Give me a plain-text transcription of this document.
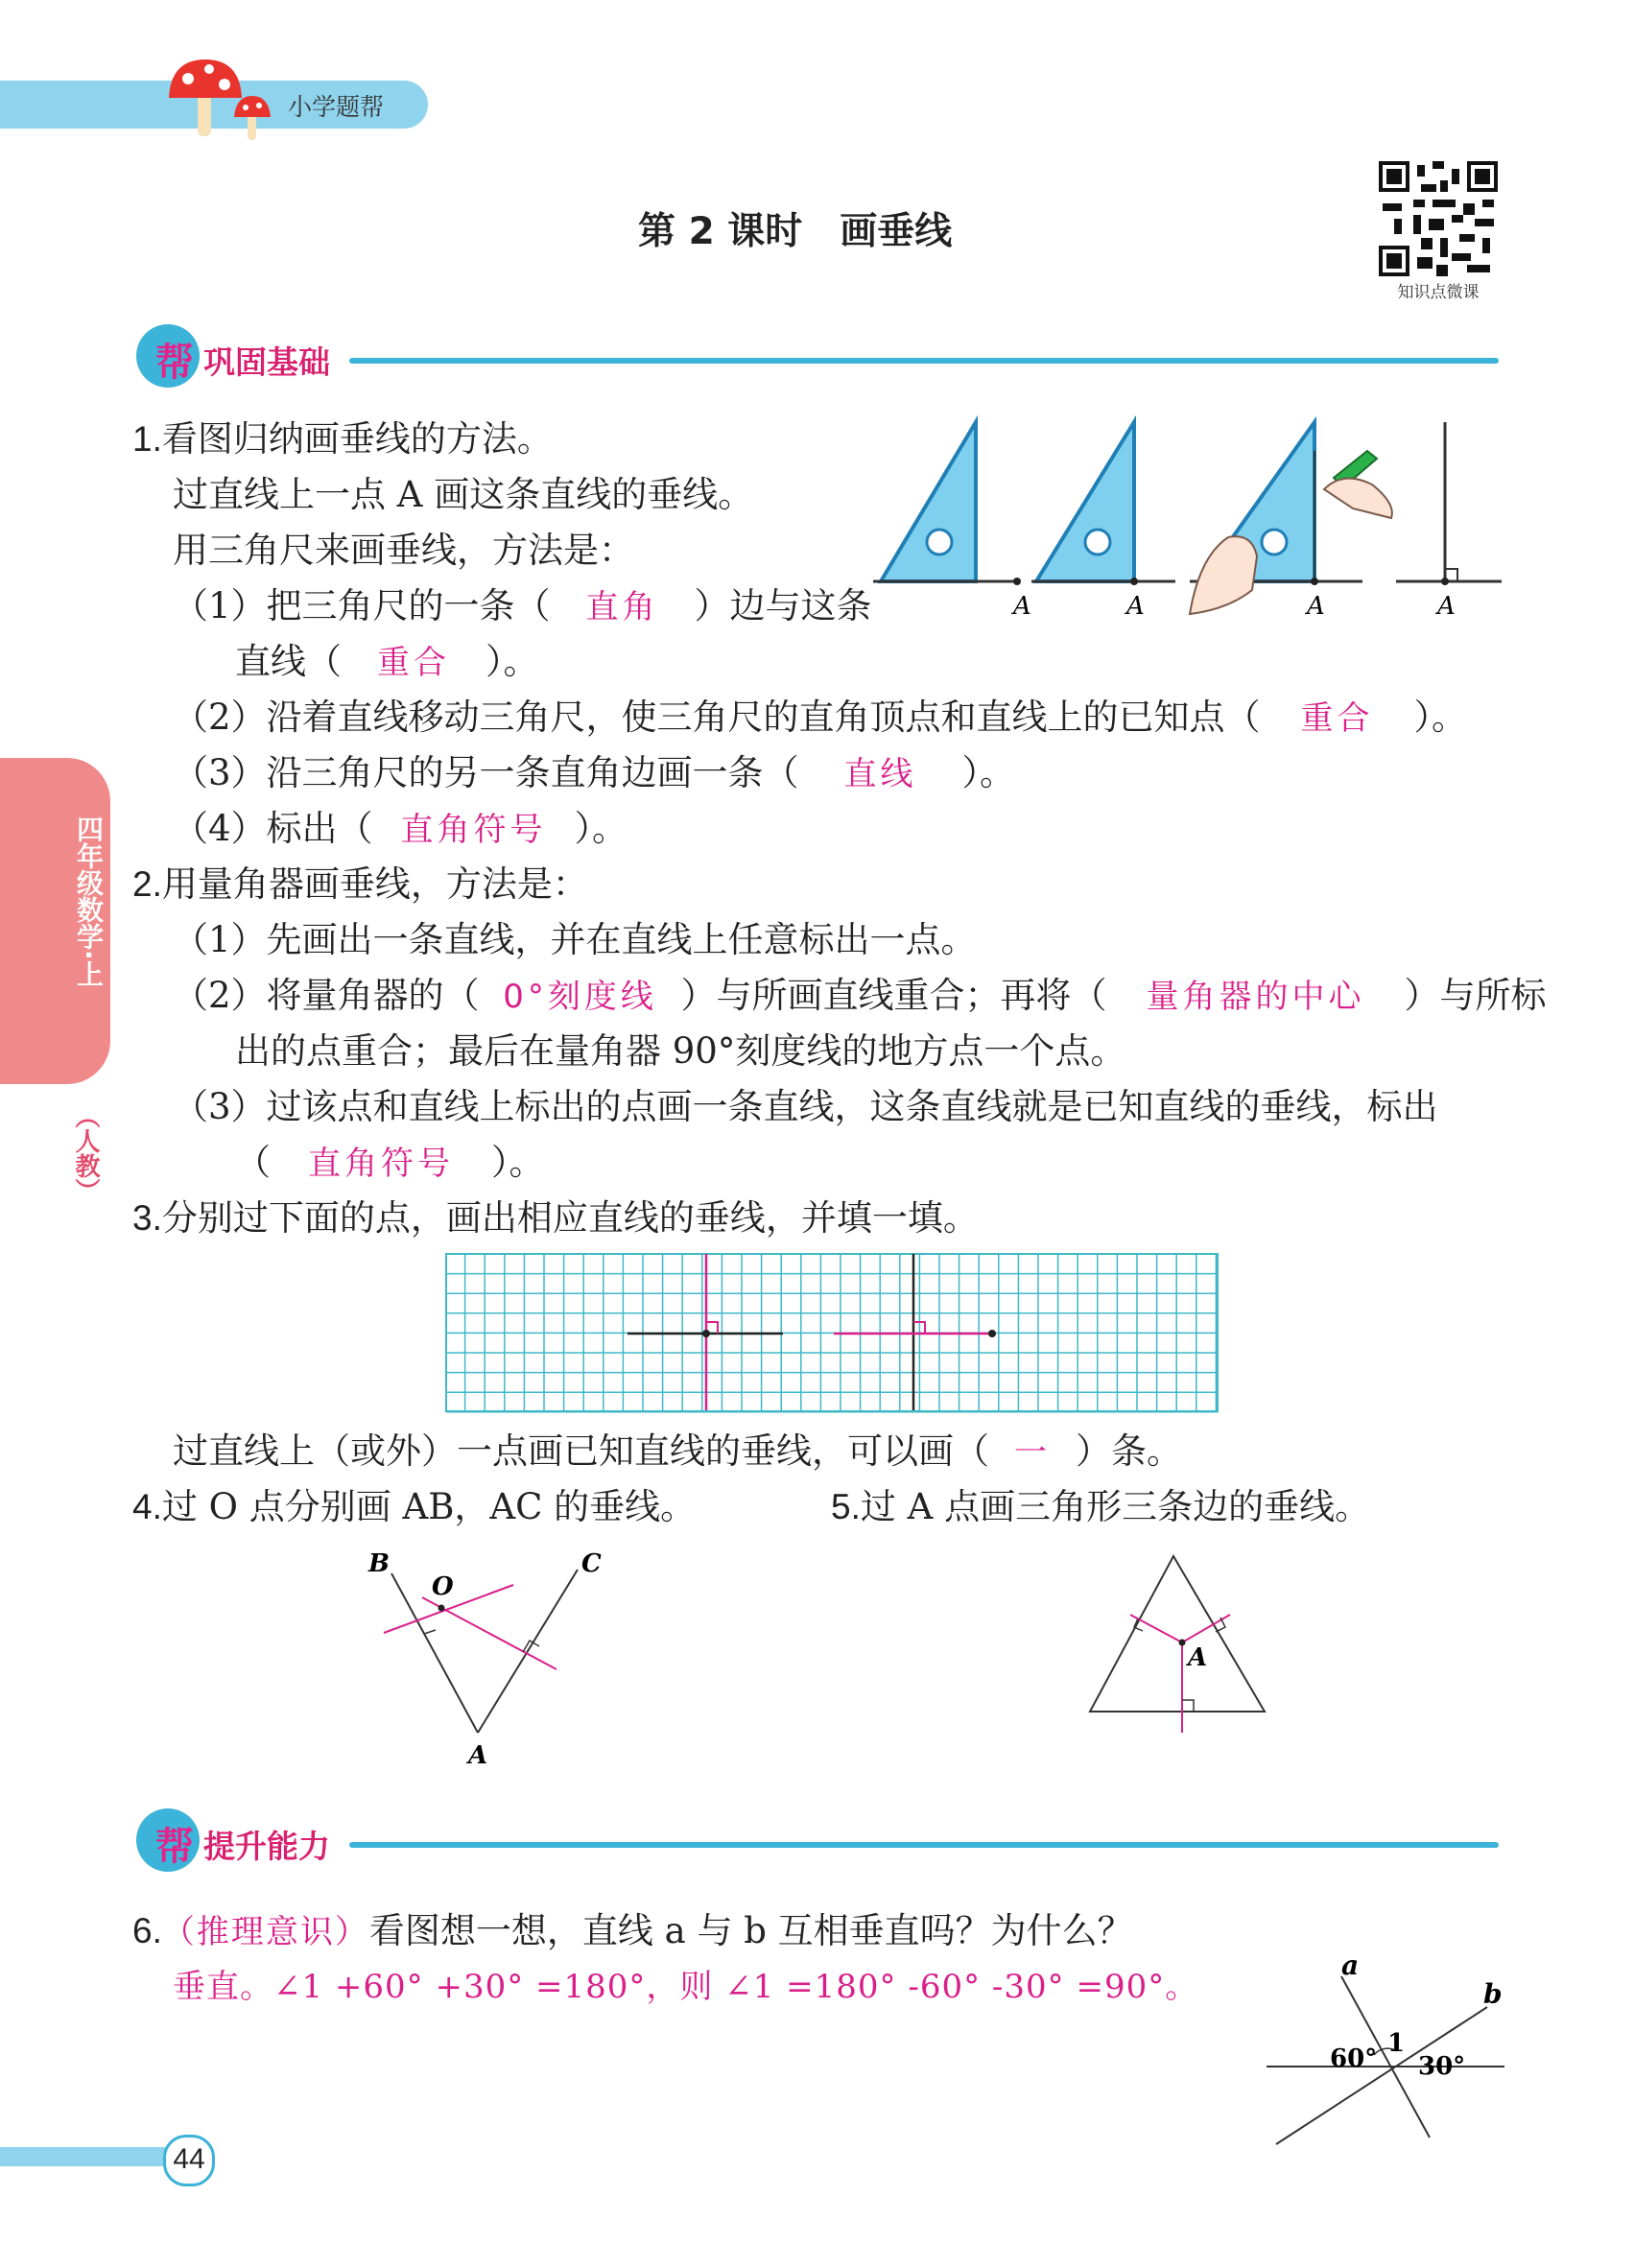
小学题帮
第 2 课时　画垂线
知识点微课
四年级数学·上
（人教）
帮 巩固基础
1.看图归纳画垂线的方法。
过直线上一点 A 画这条直线的垂线。
用三角尺来画垂线，方法是：
（1）把三角尺的一条（ 直角 ）边与这条
直线（ 重合 ）。
（2）沿着直线移动三角尺，使三角尺的直角顶点和直线上的已知点（ 重合 ）。
（3）沿三角尺的另一条直角边画一条（ 直线 ）。
（4）标出（ 直角符号 ）。
A	A	A	A
2.用量角器画垂线，方法是：
（1）先画出一条直线，并在直线上任意标出一点。
（2）将量角器的（ 0°刻度线 ）与所画直线重合；再将（ 量角器的中心 ）与所标
出的点重合；最后在量角器 90°刻度线的地方点一个点。
（3）过该点和直线上标出的点画一条直线，这条直线就是已知直线的垂线，标出
（ 直角符号 ）。
3.分别过下面的点，画出相应直线的垂线，并填一填。
过直线上（或外）一点画已知直线的垂线，可以画（ 一 ）条。
4.过 O 点分别画 AB，AC 的垂线。
B
O
C
A
5.过 A 点画三角形三条边的垂线。
A
帮 提升能力
6.（推理意识）看图想一想，直线 a 与 b 互相垂直吗？为什么？
垂直。∠1 +60° +30° =180°，则 ∠1 =180° -60° -30° =90°。
a
b
1
60° 30°
44
